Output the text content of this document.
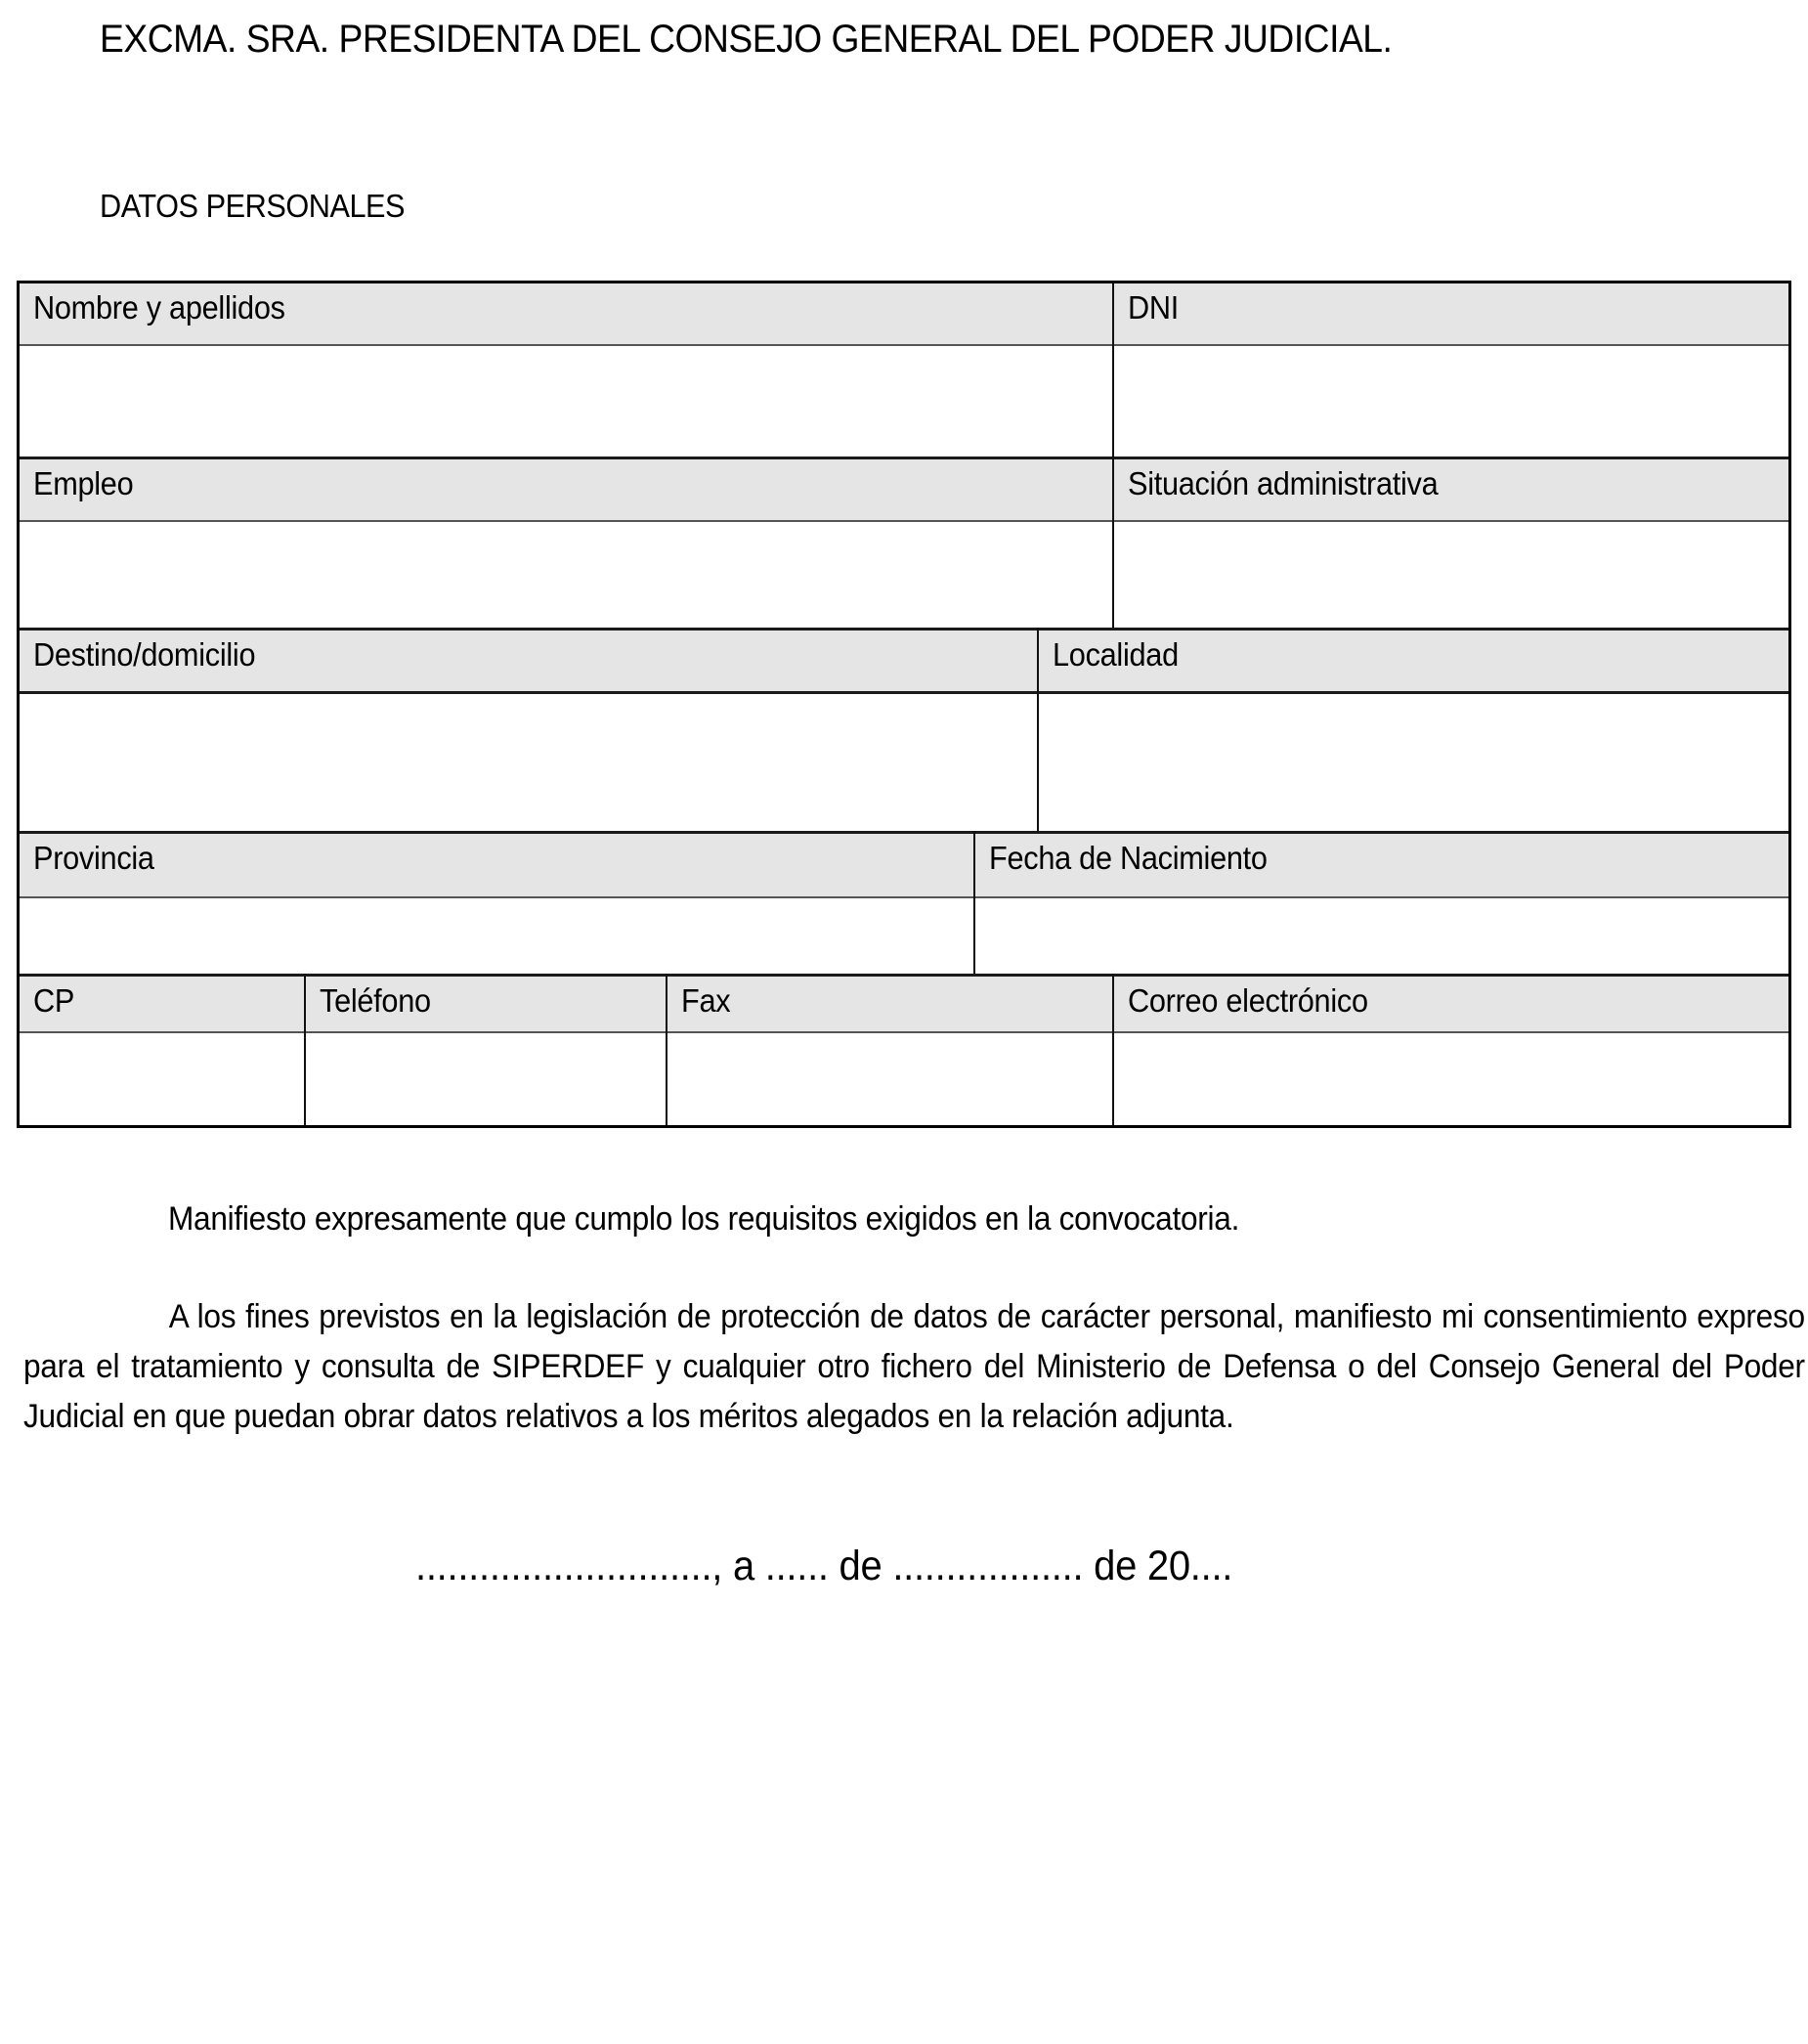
EXCMA. SRA. PRESIDENTA DEL CONSEJO GENERAL DEL PODER JUDICIAL.
DATOS PERSONALES
Nombre y apellidos	DNI
Empleo	Situación administrativa
Destino/domicilio	Localidad
Provincia	Fecha de Nacimiento
CP	Teléfono	Fax	Correo electrónico
Manifiesto expresamente que cumplo los requisitos exigidos en la convocatoria.
A los fines previstos en la legislación de protección de datos de carácter personal, manifiesto mi consentimiento expreso para el tratamiento y consulta de SIPERDEF y cualquier otro fichero del Ministerio de Defensa o del Consejo General del Poder Judicial en que puedan obrar datos relativos a los méritos alegados en la relación adjunta.
............................, a ...... de .................. de 20....
